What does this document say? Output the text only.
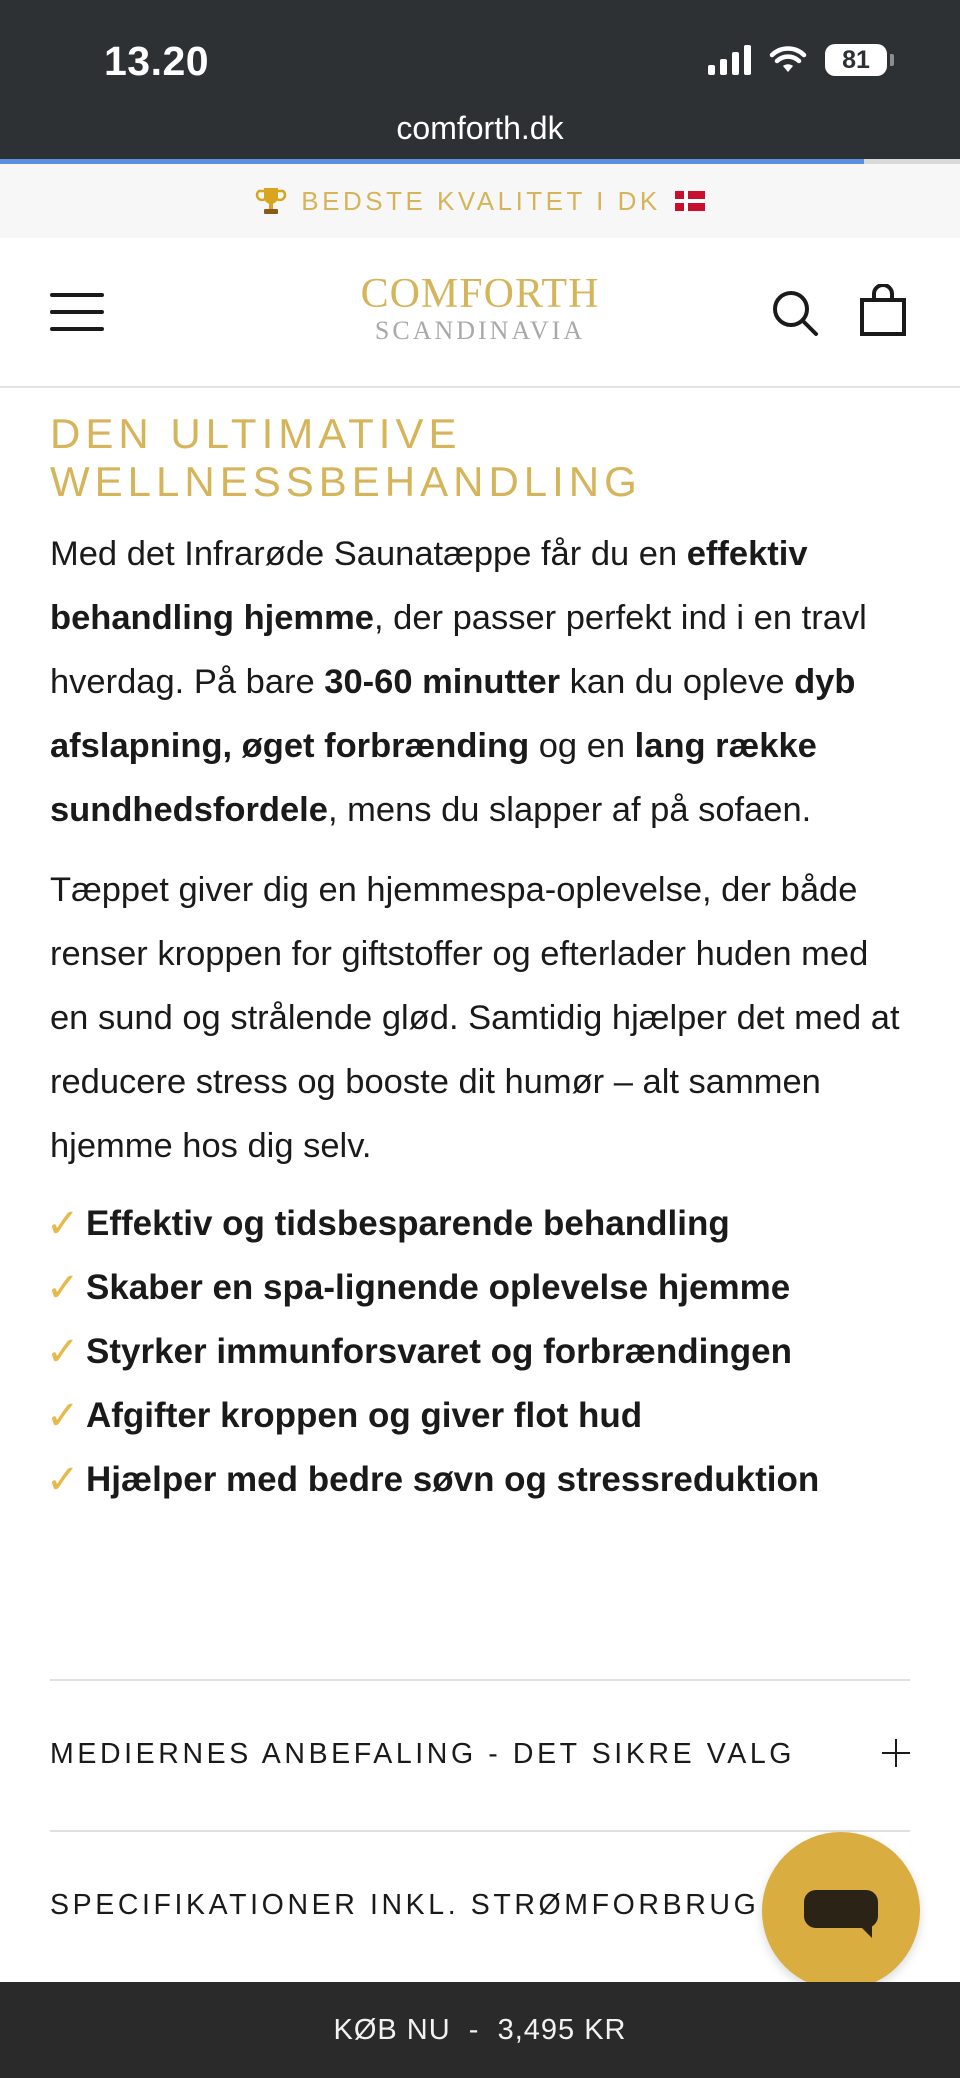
13.20	81
comforth.dk
BEDSTE KVALITET I DK
COMFORTH
SCANDINAVIA
DEN ULTIMATIVE
WELLNESSBEHANDLING

Med det Infrarøde Saunatæppe får du en effektiv behandling hjemme, der passer perfekt ind i en travl hverdag. På bare 30-60 minutter kan du opleve dyb afslapning, øget forbrænding og en lang række sundhedsfordele, mens du slapper af på sofaen.

Tæppet giver dig en hjemmespa-oplevelse, der både renser kroppen for giftstoffer og efterlader huden med en sund og strålende glød. Samtidig hjælper det med at reducere stress og booste dit humør – alt sammen hjemme hos dig selv.

✓ Effektiv og tidsbesparende behandling
✓ Skaber en spa-lignende oplevelse hjemme
✓ Styrker immunforsvaret og forbrændingen
✓ Afgifter kroppen og giver flot hud
✓ Hjælper med bedre søvn og stressreduktion
MEDIERNES ANBEFALING - DET SIKRE VALG
SPECIFIKATIONER INKL. STRØMFORBRUG
KØB NU  -  3,495 KR
